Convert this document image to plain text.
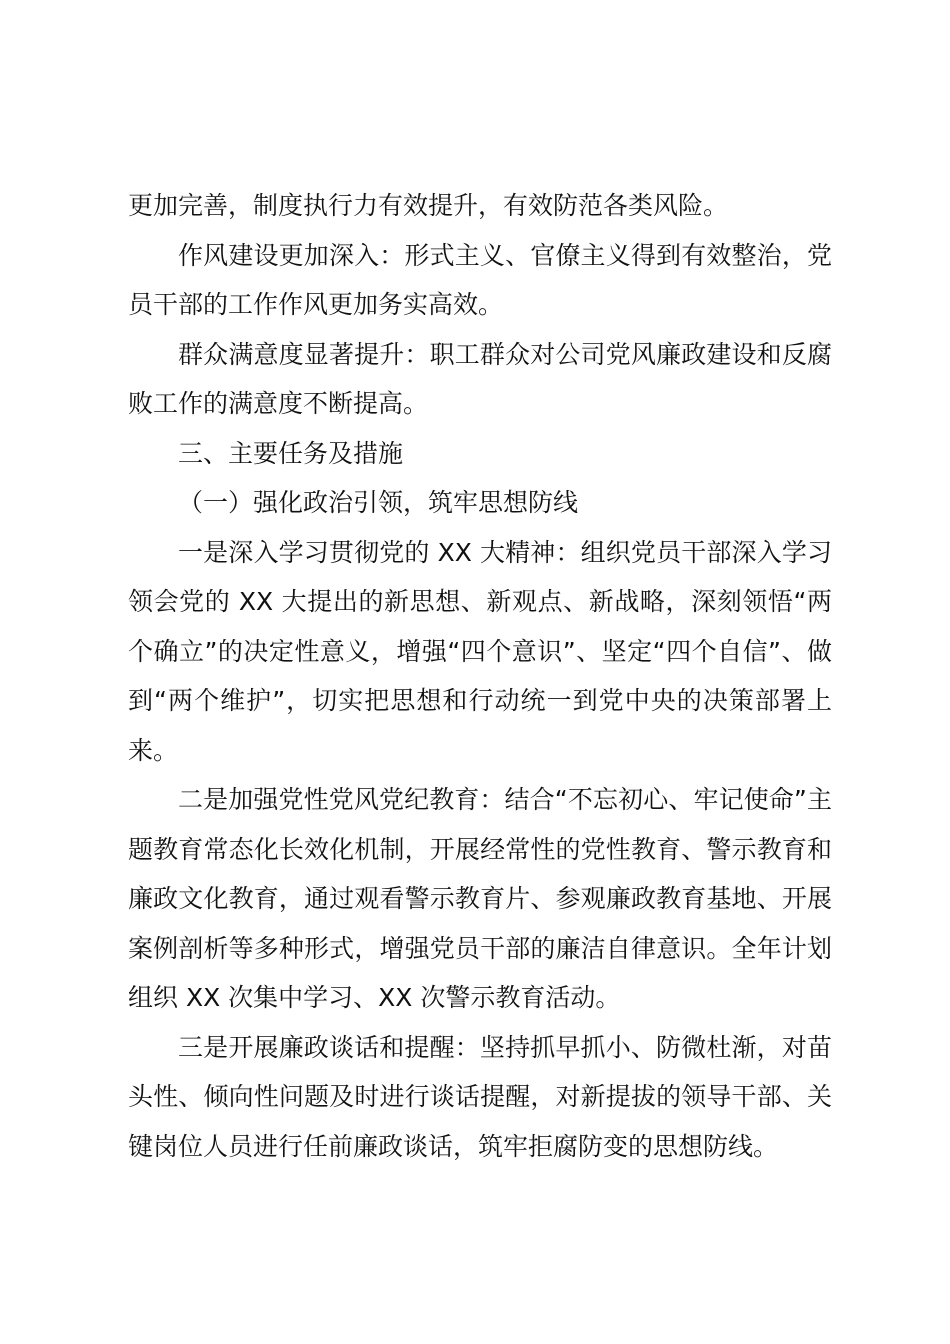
更加完善，制度执行力有效提升，有效防范各类风险。

作风建设更加深入：形式主义、官僚主义得到有效整治，党员干部的工作作风更加务实高效。

群众满意度显著提升：职工群众对公司党风廉政建设和反腐败工作的满意度不断提高。

三、主要任务及措施

（一）强化政治引领，筑牢思想防线

一是深入学习贯彻党的 XX 大精神：组织党员干部深入学习领会党的 XX 大提出的新思想、新观点、新战略，深刻领悟“两个确立”的决定性意义，增强“四个意识”、坚定“四个自信”、做到“两个维护”，切实把思想和行动统一到党中央的决策部署上来。

二是加强党性党风党纪教育：结合“不忘初心、牢记使命”主题教育常态化长效化机制，开展经常性的党性教育、警示教育和廉政文化教育，通过观看警示教育片、参观廉政教育基地、开展案例剖析等多种形式，增强党员干部的廉洁自律意识。全年计划组织 XX 次集中学习、XX 次警示教育活动。

三是开展廉政谈话和提醒：坚持抓早抓小、防微杜渐，对苗头性、倾向性问题及时进行谈话提醒，对新提拔的领导干部、关键岗位人员进行任前廉政谈话，筑牢拒腐防变的思想防线。
